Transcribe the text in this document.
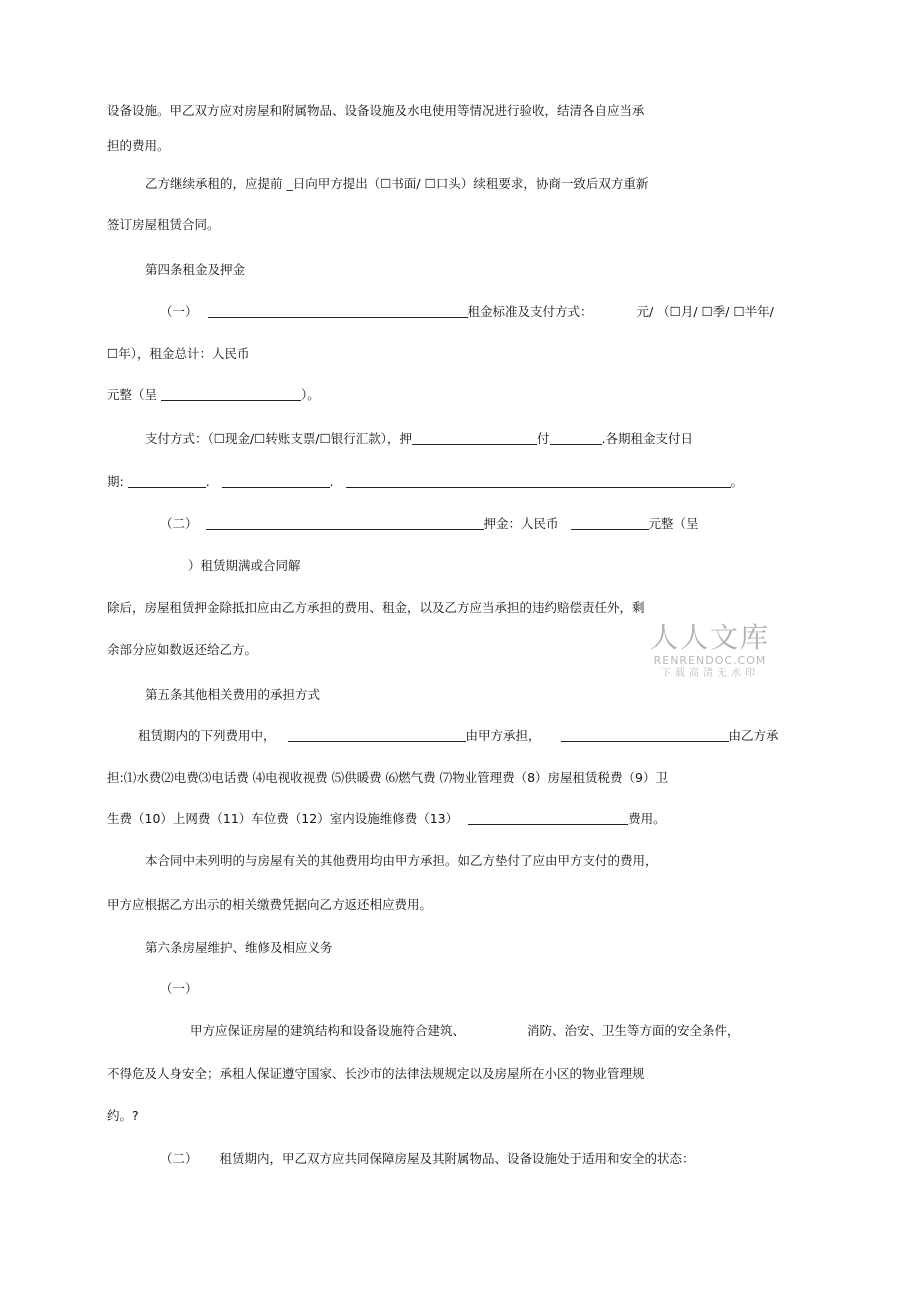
设备设施。甲乙双方应对房屋和附属物品、设备设施及水电使用等情况进行验收，结清各自应当承
担的费用。
乙方继续承租的，应提前 _日向甲方提出（☐书面/ ☐口头）续租要求，协商一致后双方重新
签订房屋租赁合同。
第四条租金及押金
（一）	租金标准及支付方式：	元/ （☐月/ ☐季/ ☐半年/
☐年），租金总计：人民币
元整（呈	）。
支付方式：（☐现金/☐转账支票/☐银行汇款），押	付	.各期租金支付日
期:	.	.	。
（二）	押金：人民币	元整（呈
）租赁期满或合同解
除后，房屋租赁押金除抵扣应由乙方承担的费用、租金，以及乙方应当承担的违约赔偿责任外，剩
余部分应如数返还给乙方。
第五条其他相关费用的承担方式
租赁期内的下列费用中，	由甲方承担，	由乙方承
担:⑴水费⑵电费⑶电话费 ⑷电视收视费 ⑸供暖费 ⑹燃气费 ⑺物业管理费（8）房屋租赁税费（9）卫
生费（10）上网费（11）车位费（12）室内设施维修费（13）	费用。
本合同中未列明的与房屋有关的其他费用均由甲方承担。如乙方垫付了应由甲方支付的费用，
甲方应根据乙方出示的相关缴费凭据向乙方返还相应费用。
第六条房屋维护、维修及相应义务
（一）
甲方应保证房屋的建筑结构和设备设施符合建筑、	消防、治安、卫生等方面的安全条件，
不得危及人身安全；承租人保证遵守国家、长沙市的法律法规规定以及房屋所在小区的物业管理规
约。?
（二） 租赁期内，甲乙双方应共同保障房屋及其附属物品、设备设施处于适用和安全的状态：
人人文库
RENRENDOC.COM
下载高清无水印
